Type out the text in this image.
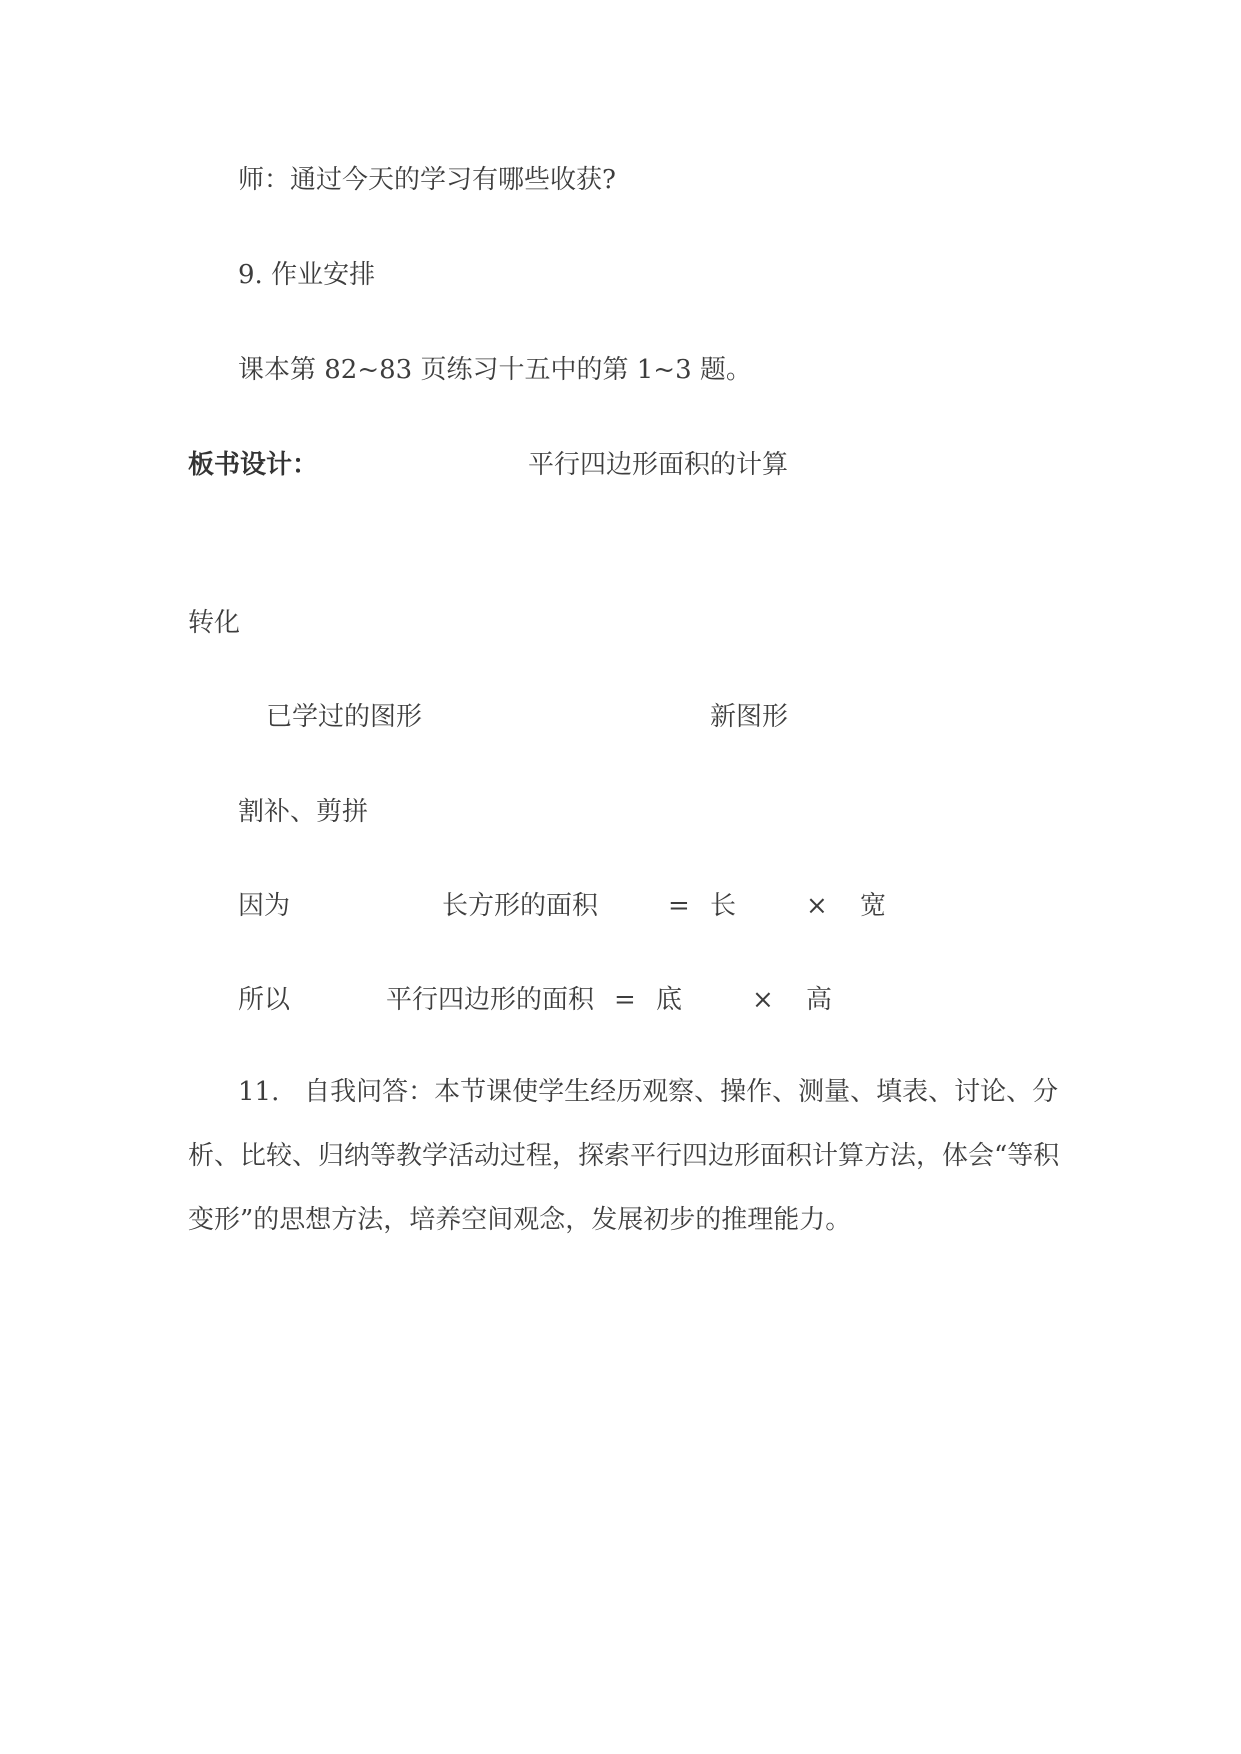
师：通过今天的学习有哪些收获?
9. 作业安排
课本第 82~83 页练习十五中的第 1~3 题。
板书设计：	平行四边形面积的计算
转化
已学过的图形	新图形
割补、剪拼
因为	长方形的面积	= 长	× 宽
所以	平行四边形的面积 = 底	× 高
11. 自我问答：本节课使学生经历观察、操作、测量、填表、讨论、分析、比较、归纳等教学活动过程，探索平行四边形面积计算方法，体会“等积变形”的思想方法，培养空间观念，发展初步的推理能力。
